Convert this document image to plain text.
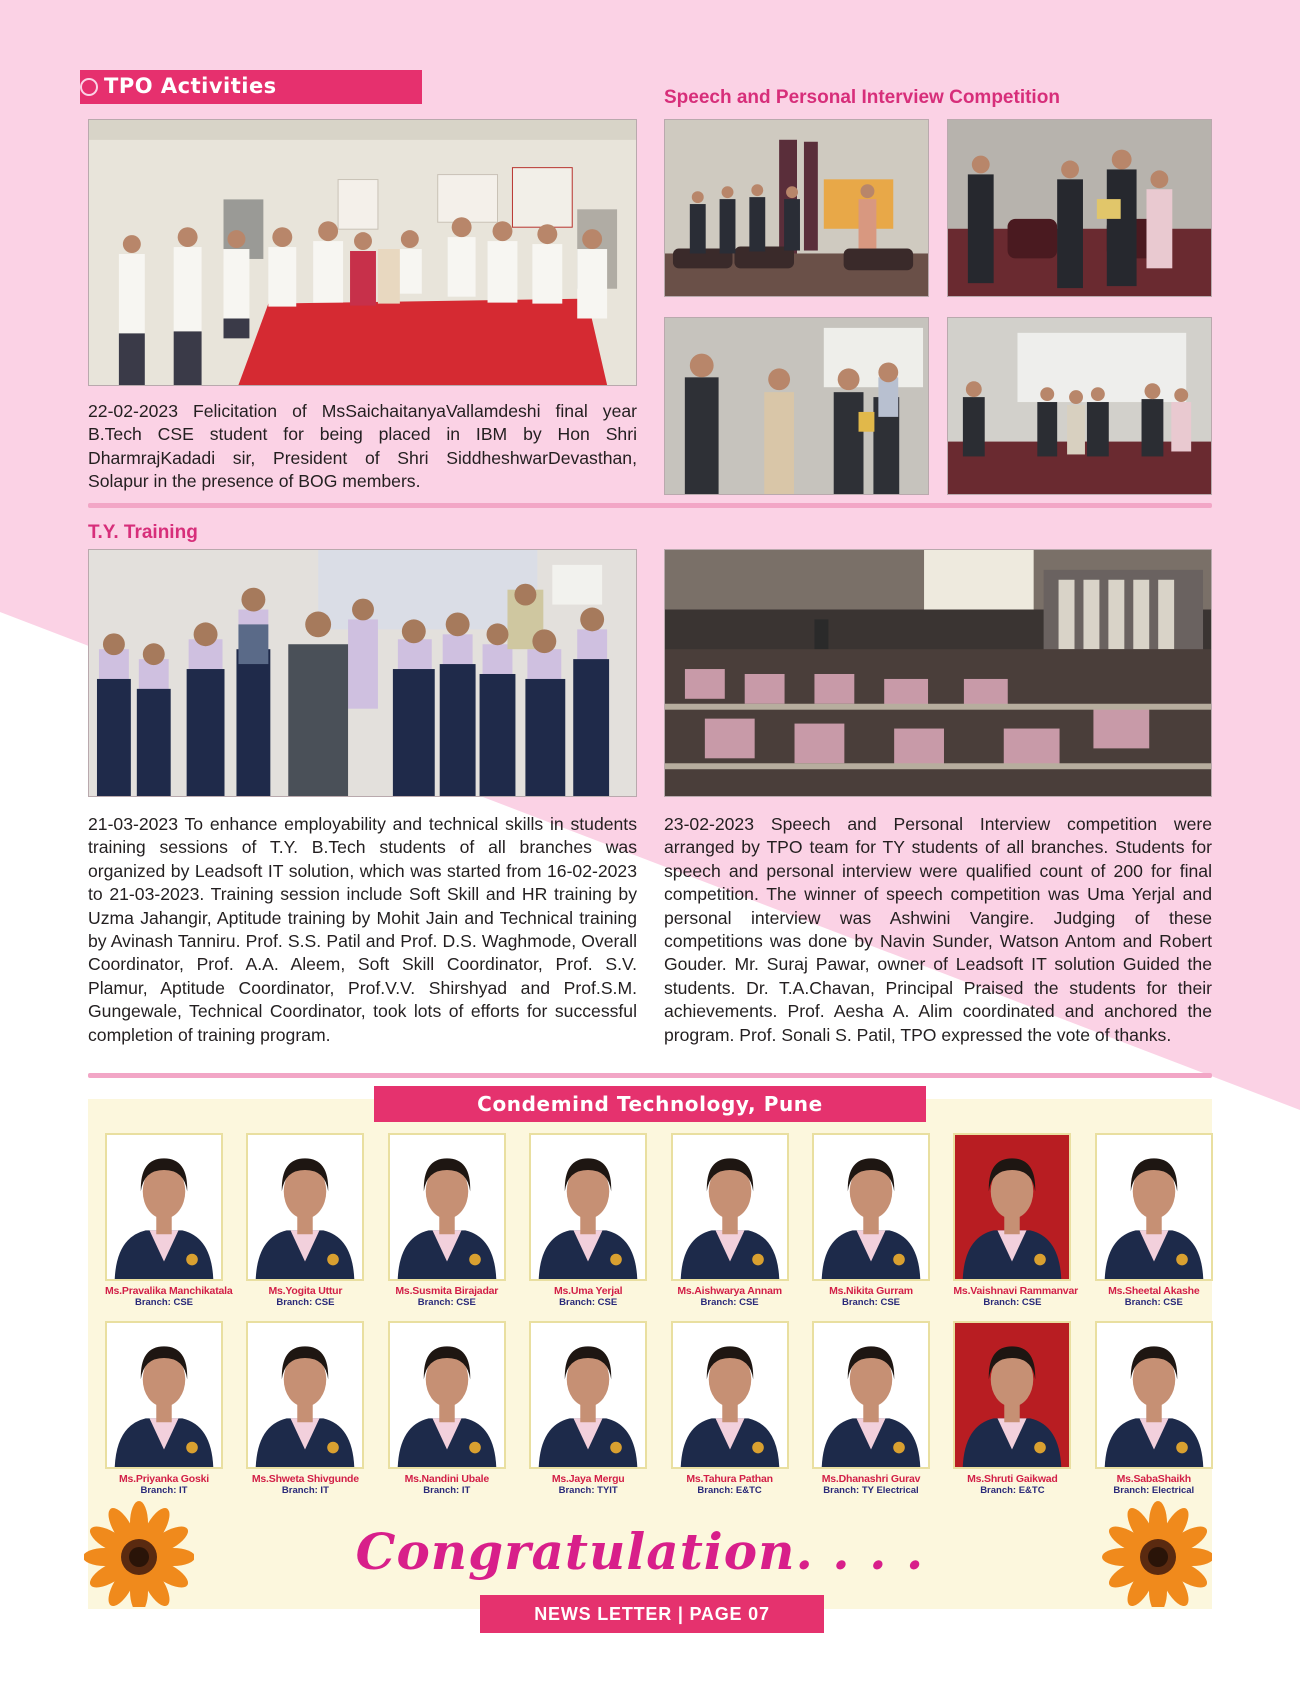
TPO Activities	Speech and Personal Interview Competition
22-02-2023 Felicitation of MsSaichaitanyaVallamdeshi final year B.Tech CSE student for being placed in IBM by Hon Shri DharmrajKadadi sir, President of Shri SiddheshwarDevasthan, Solapur in the presence of BOG members.
T.Y. Training
21-03-2023 To enhance employability and technical skills in students training sessions of T.Y. B.Tech students of all branches was organized by Leadsoft IT solution, which was started from 16-02-2023 to 21-03-2023. Training session include Soft Skill and HR training by Uzma Jahangir, Aptitude training by Mohit Jain and Technical training by Avinash Tanniru. Prof. S.S. Patil and Prof. D.S. Waghmode, Overall Coordinator, Prof. A.A. Aleem, Soft Skill Coordinator, Prof. S.V. Plamur, Aptitude Coordinator, Prof.V.V. Shirshyad and Prof.S.M. Gungewale, Technical Coordinator, took lots of efforts for successful completion of training program.
23-02-2023 Speech and Personal Interview competition were arranged by TPO team for TY students of all branches. Students for speech and personal interview were qualified count of 200 for final competition. The winner of speech competition was Uma Yerjal and personal interview was Ashwini Vangire. Judging of these competitions was done by Navin Sunder, Watson Antom and Robert Gouder. Mr. Suraj Pawar, owner of Leadsoft IT solution Guided the students. Dr. T.A.Chavan, Principal Praised the students for their achievements. Prof. Aesha A. Alim coordinated and anchored the program. Prof. Sonali S. Patil, TPO expressed the vote of thanks.
Condemind Technology, Pune
Ms.Pravalika Manchikatala
Branch: CSE
Ms.Yogita Uttur
Branch: CSE
Ms.Susmita Birajadar
Branch: CSE
Ms.Uma Yerjal
Branch: CSE
Ms.Aishwarya Annam
Branch: CSE
Ms.Nikita Gurram
Branch: CSE
Ms.Vaishnavi Rammanvar
Branch: CSE
Ms.Sheetal Akashe
Branch: CSE
Ms.Priyanka Goski
Branch: IT
Ms.Shweta Shivgunde
Branch: IT
Ms.Nandini Ubale
Branch: IT
Ms.Jaya Mergu
Branch: TYIT
Ms.Tahura Pathan
Branch: E&TC
Ms.Dhanashri Gurav
Branch: TY Electrical
Ms.Shruti Gaikwad
Branch: E&TC
Ms.SabaShaikh
Branch: Electrical
Congratulation. . . .
NEWS LETTER | PAGE 07
